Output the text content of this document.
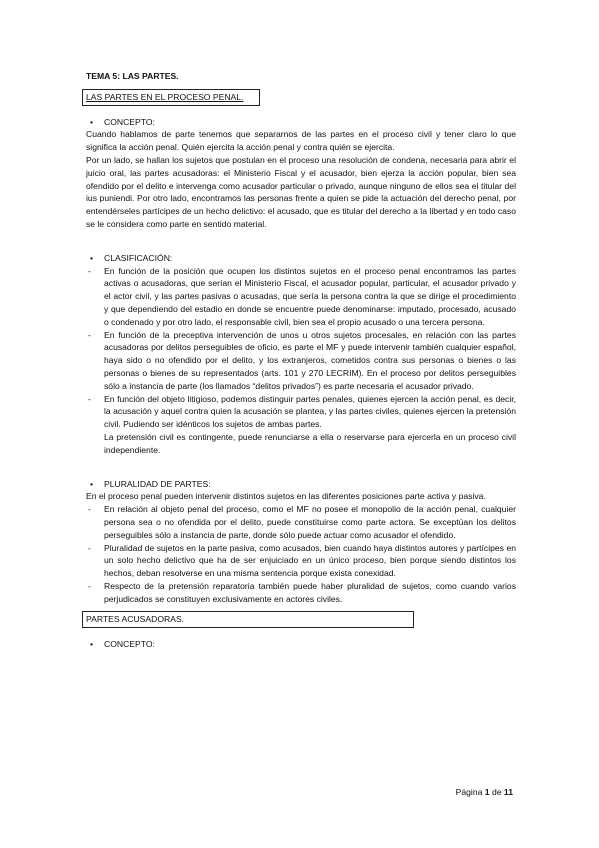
TEMA 5: LAS PARTES.

LAS PARTES EN EL PROCESO PENAL.
• CONCEPTO:

Cuando hablamos de parte tenemos que separarnos de las partes en el proceso civil y tener claro lo que significa la acción penal. Quién ejercita la acción penal y contra quién se ejercita.

Por un lado, se hallan los sujetos que postulan en el proceso una resolución de condena, necesaria para abrir el juicio oral, las partes acusadoras: el Ministerio Fiscal y el acusador, bien ejerza la acción popular, bien sea ofendido por el delito e intervenga como acusador particular o privado, aunque ninguno de ellos sea el titular del ius puniendi. Por otro lado, encontramos las personas frente a quien se pide la actuación del derecho penal, por entendérseles partícipes de un hecho delictivo: el acusado, que es titular del derecho a la libertad y en todo caso se le considera como parte en sentido material.

• CLASIFICACIÓN:
- En función de la posición que ocupen los distintos sujetos en el proceso penal encontramos las partes activas o acusadoras, que serían el Ministerio Fiscal, el acusador popular, particular, el acusador privado y el actor civil, y las partes pasivas o acusadas, que sería la persona contra la que se dirige el procedimiento y que dependiendo del estadio en donde se encuentre puede denominarse: imputado, procesado, acusado o condenado y por otro lado, el responsable civil, bien sea el propio acusado o una tercera persona.
- En función de la preceptiva intervención de unos u otros sujetos procesales, en relación con las partes acusadoras por delitos perseguibles de oficio, es parte el MF y puede intervenir también cualquier español, haya sido o no ofendido por el delito, y los extranjeros, cometidos contra sus personas o bienes o las personas o bienes de su representados (arts. 101 y 270 LECRIM). En el proceso por delitos perseguibles sólo a instancia de parte (los llamados “delitos privados”) es parte necesaria el acusador privado.
- En función del objeto litigioso, podemos distinguir partes penales, quienes ejercen la acción penal, es decir, la acusación y aquel contra quien la acusación se plantea, y las partes civiles, quienes ejercen la pretensión civil. Pudiendo ser idénticos los sujetos de ambas partes.

La pretensión civil es contingente, puede renunciarse a ella o reservarse para ejercerla en un proceso civil independiente.

• PLURALIDAD DE PARTES:

En el proceso penal pueden intervenir distintos sujetos en las diferentes posiciones parte activa y pasiva.

- En relación al objeto penal del proceso, como el MF no posee el monopolio de la acción penal, cualquier persona sea o no ofendida por el delito, puede constituirse como parte actora. Se exceptúan los delitos perseguibles sólo a instancia de parte, donde sólo puede actuar como acusador el ofendido.
- Pluralidad de sujetos en la parte pasiva, como acusados, bien cuando haya distintos autores y partícipes en un solo hecho delictivo que ha de ser enjuiciado en un único proceso, bien porque siendo distintos los hechos, deban resolverse en una misma sentencia porque exista conexidad.
- Respecto de la pretensión reparatoria también puede haber pluralidad de sujetos, como cuando varios perjudicados se constituyen exclusivamente en actores civiles.
PARTES ACUSADORAS.
• CONCEPTO:
Página 1 de 11
